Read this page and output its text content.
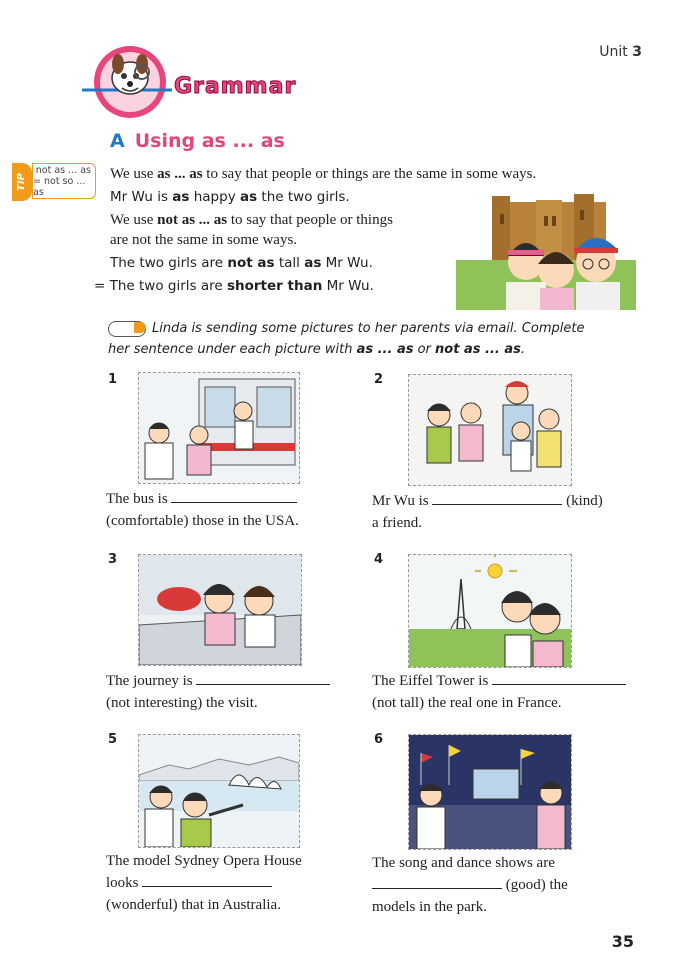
Unit 3
Grammar
A Using as ... as
TIP
not as ... as
= not so ... as
We use as ... as to say that people or things are the same in some ways.
Mr Wu is as happy as the two girls.
We use not as ... as to say that people or things
are not the same in some ways.
The two girls are not as tall as Mr Wu.
= The two girls are shorter than Mr Wu.
Linda is sending some pictures to her parents via email. Complete her sentence under each picture with as ... as or not as ... as.
1
The bus is
(comfortable) those in the USA.
2
Mr Wu is	(kind)
a friend.
3
The journey is
(not interesting) the visit.
4
The Eiffel Tower is
(not tall) the real one in France.
5
The model Sydney Opera House
looks
(wonderful) that in Australia.
6
The song and dance shows are
(good) the
models in the park.
35
